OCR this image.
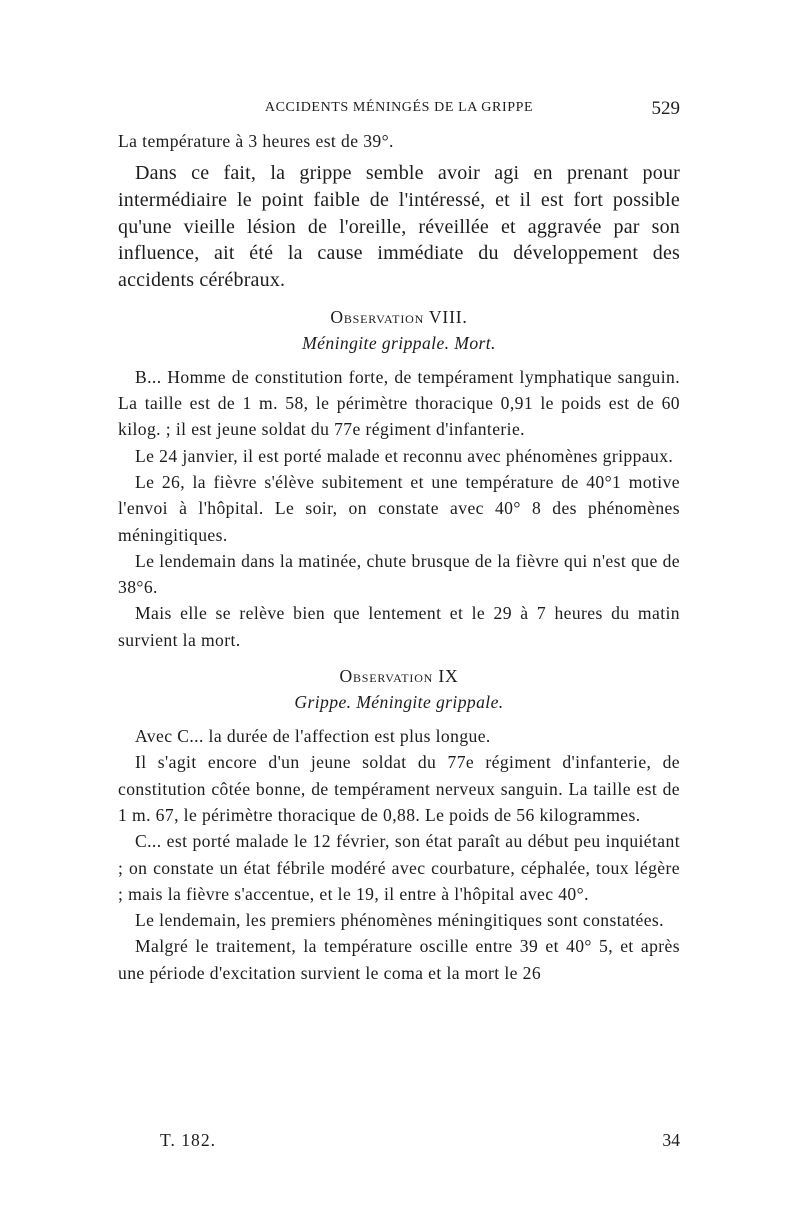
ACCIDENTS MÉNINGÉS DE LA GRIPPE	529

La température à 3 heures est de 39°.

Dans ce fait, la grippe semble avoir agi en prenant pour intermédiaire le point faible de l'intéressé, et il est fort possible qu'une vieille lésion de l'oreille, réveillée et aggravée par son influence, ait été la cause immédiate du développement des accidents cérébraux.

Observation VIII.
Méningite grippale. Mort.

B... Homme de constitution forte, de tempérament lymphatique sanguin. La taille est de 1 m. 58, le périmètre thoracique 0,91 le poids est de 60 kilog. ; il est jeune soldat du 77e régiment d'infanterie.

Le 24 janvier, il est porté malade et reconnu avec phénomènes grippaux.

Le 26, la fièvre s'élève subitement et une température de 40°1 motive l'envoi à l'hôpital. Le soir, on constate avec 40° 8 des phénomènes méningitiques.

Le lendemain dans la matinée, chute brusque de la fièvre qui n'est que de 38°6.

Mais elle se relève bien que lentement et le 29 à 7 heures du matin survient la mort.

Observation IX
Grippe. Méningite grippale.

Avec C... la durée de l'affection est plus longue.

Il s'agit encore d'un jeune soldat du 77e régiment d'infanterie, de constitution côtée bonne, de tempérament nerveux sanguin. La taille est de 1 m. 67, le périmètre thoracique de 0,88. Le poids de 56 kilogrammes.

C... est porté malade le 12 février, son état paraît au début peu inquiétant ; on constate un état fébrile modéré avec courbature, céphalée, toux légère ; mais la fièvre s'accentue, et le 19, il entre à l'hôpital avec 40°.

Le lendemain, les premiers phénomènes méningitiques sont constatées.

Malgré le traitement, la température oscille entre 39 et 40° 5, et après une période d'excitation survient le coma et la mort le 26

T. 182.	34
